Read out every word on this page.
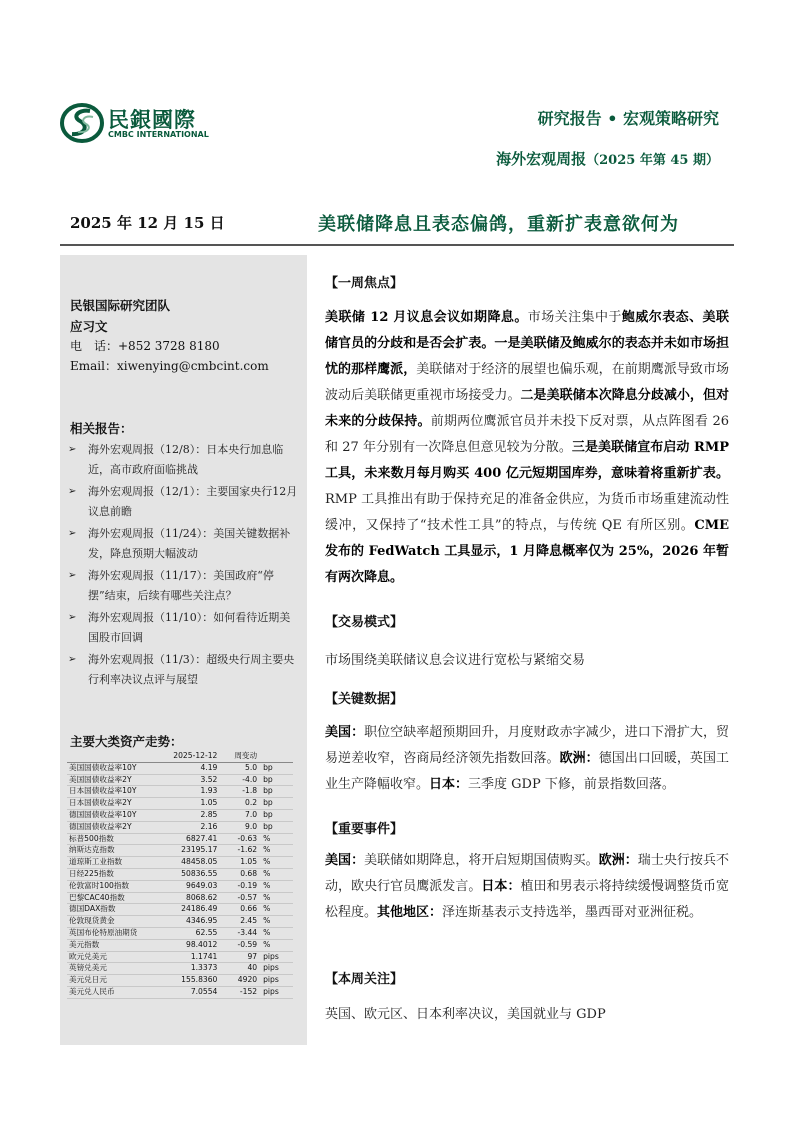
民銀國際
CMBC INTERNATIONAL
研究报告 • 宏观策略研究
海外宏观周报（2025 年第 45 期）
2025 年 12 月 15 日	美联储降息且表态偏鸽，重新扩表意欲何为
民银国际研究团队
应习文
电　话：+852 3728 8180
Email：xiwenying@cmbcint.com
相关报告：
➢ 海外宏观周报（12/8）：日本央行加息临近，高市政府面临挑战
➢ 海外宏观周报（12/1）：主要国家央行12月议息前瞻
➢ 海外宏观周报（11/24）：美国关键数据补发，降息预期大幅波动
➢ 海外宏观周报（11/17）：美国政府“停摆”结束，后续有哪些关注点？
➢ 海外宏观周报（11/10）：如何看待近期美国股市回调
➢ 海外宏观周报（11/3）：超级央行周主要央行利率决议点评与展望
主要大类资产走势：
	2025-12-12	周变动	
美国国债收益率10Y	4.19	5.0	bp
美国国债收益率2Y	3.52	-4.0	bp
日本国债收益率10Y	1.93	-1.8	bp
日本国债收益率2Y	1.05	0.2	bp
德国国债收益率10Y	2.85	7.0	bp
德国国债收益率2Y	2.16	9.0	bp
标普500指数	6827.41	-0.63	%
纳斯达克指数	23195.17	-1.62	%
道琼斯工业指数	48458.05	1.05	%
日经225指数	50836.55	0.68	%
伦敦富时100指数	9649.03	-0.19	%
巴黎CAC40指数	8068.62	-0.57	%
德国DAX指数	24186.49	0.66	%
伦敦现货黄金	4346.95	2.45	%
英国布伦特原油期货	62.55	-3.44	%
美元指数	98.4012	-0.59	%
欧元兑美元	1.1741	97	pips
英镑兑美元	1.3373	40	pips
美元兑日元	155.8360	4920	pips
美元兑人民币	7.0554	-152	pips
【一周焦点】
美联储 12 月议息会议如期降息。市场关注集中于鲍威尔表态、美联储官员的分歧和是否会扩表。一是美联储及鲍威尔的表态并未如市场担忧的那样鹰派，美联储对于经济的展望也偏乐观，在前期鹰派导致市场波动后美联储更重视市场接受力。二是美联储本次降息分歧减小，但对未来的分歧保持。前期两位鹰派官员并未投下反对票，从点阵图看 26 和 27 年分别有一次降息但意见较为分散。三是美联储宣布启动 RMP 工具，未来数月每月购买 400 亿元短期国库券，意味着将重新扩表。RMP 工具推出有助于保持充足的准备金供应，为货币市场重建流动性缓冲，又保持了“技术性工具”的特点，与传统 QE 有所区别。CME 发布的 FedWatch 工具显示，1 月降息概率仅为 25%，2026 年暂有两次降息。
【交易模式】
市场围绕美联储议息会议进行宽松与紧缩交易
【关键数据】
美国：职位空缺率超预期回升，月度财政赤字减少，进口下滑扩大，贸易逆差收窄，咨商局经济领先指数回落。欧洲：德国出口回暖，英国工业生产降幅收窄。日本：三季度 GDP 下修，前景指数回落。
【重要事件】
美国：美联储如期降息，将开启短期国债购买。欧洲：瑞士央行按兵不动，欧央行官员鹰派发言。日本：植田和男表示将持续缓慢调整货币宽松程度。其他地区：泽连斯基表示支持选举，墨西哥对亚洲征税。
【本周关注】
英国、欧元区、日本利率决议，美国就业与 GDP
